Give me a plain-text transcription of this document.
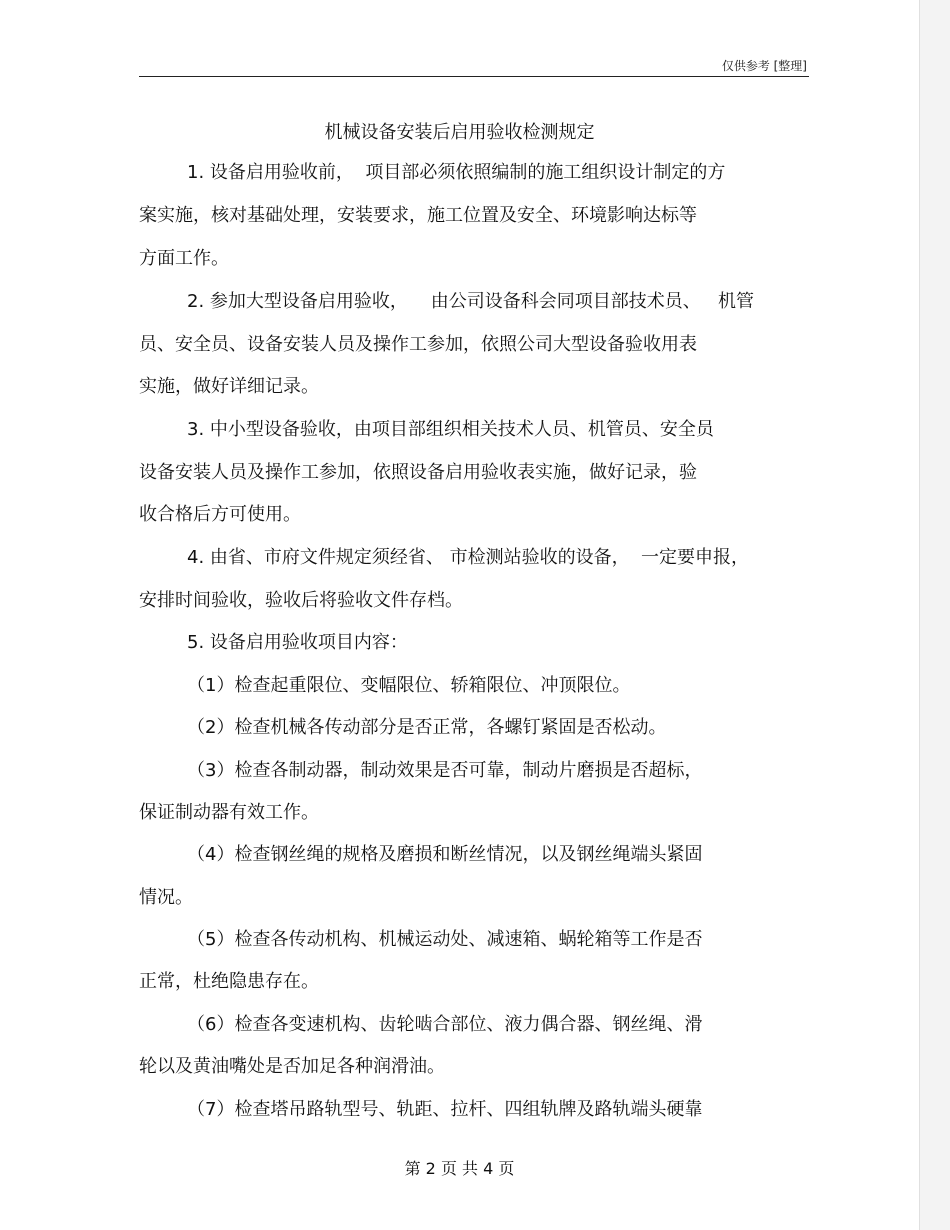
仅供参考 [整理]
机械设备安装后启用验收检测规定
1. 设备启用验收前，  项目部必须依照编制的施工组织设计制定的方
案实施，核对基础处理，安装要求，施工位置及安全、环境影响达标等
方面工作。
2. 参加大型设备启用验收，    由公司设备科会同项目部技术员、   机管
员、安全员、设备安装人员及操作工参加，依照公司大型设备验收用表
实施，做好详细记录。
3. 中小型设备验收，由项目部组织相关技术人员、机管员、安全员
设备安装人员及操作工参加，依照设备启用验收表实施，做好记录，验
收合格后方可使用。
4. 由省、市府文件规定须经省、 市检测站验收的设备，  一定要申报，
安排时间验收，验收后将验收文件存档。
5. 设备启用验收项目内容：
（1）检查起重限位、变幅限位、轿箱限位、冲顶限位。
（2）检查机械各传动部分是否正常，各螺钉紧固是否松动。
（3）检查各制动器，制动效果是否可靠，制动片磨损是否超标，
保证制动器有效工作。
（4）检查钢丝绳的规格及磨损和断丝情况，以及钢丝绳端头紧固
情况。
（5）检查各传动机构、机械运动处、减速箱、蜗轮箱等工作是否
正常，杜绝隐患存在。
（6）检查各变速机构、齿轮啮合部位、液力偶合器、钢丝绳、滑
轮以及黄油嘴处是否加足各种润滑油。
（7）检查塔吊路轨型号、轨距、拉杆、四组轨牌及路轨端头硬靠
第 2 页 共 4 页
